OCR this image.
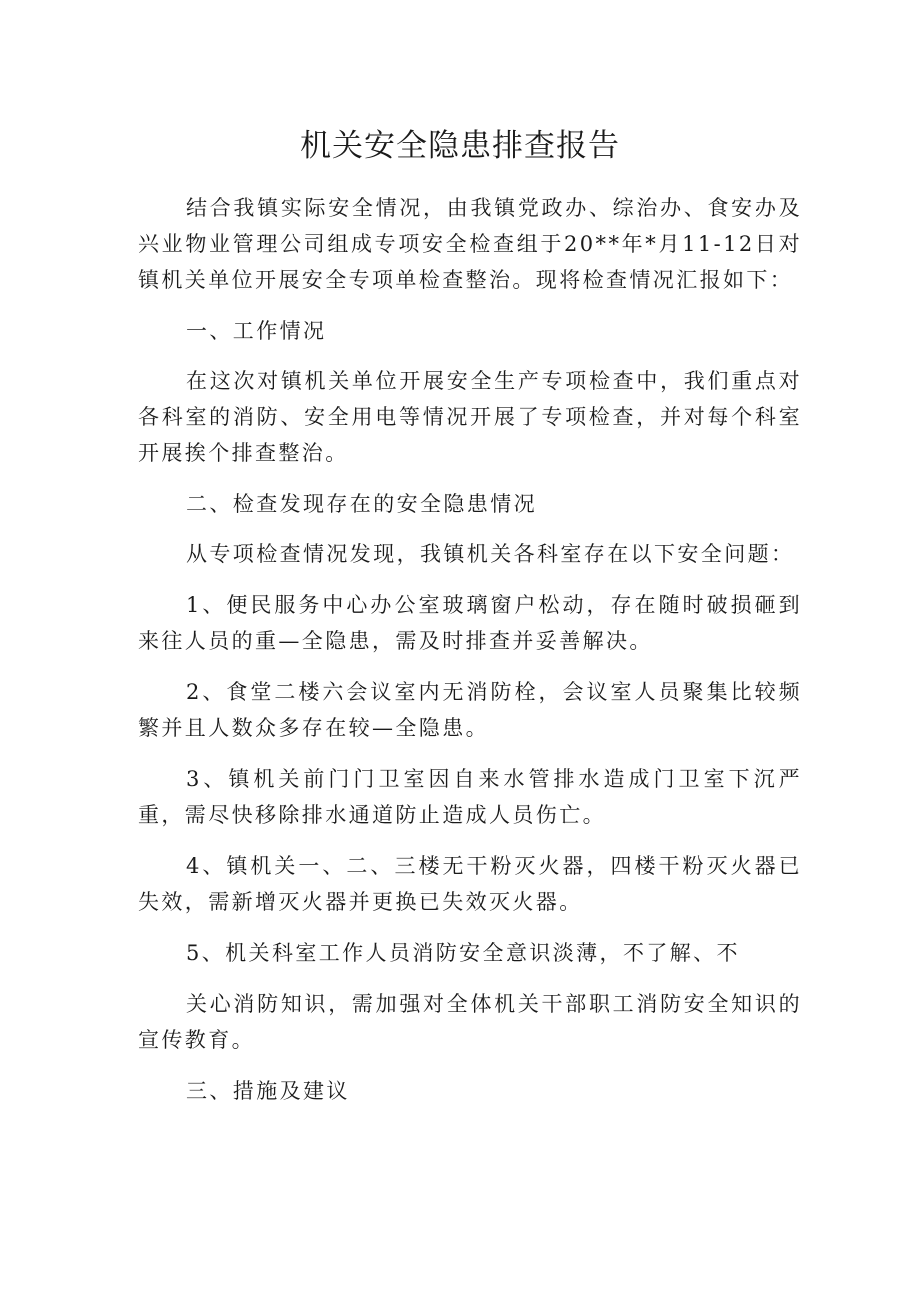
机关安全隐患排查报告

结合我镇实际安全情况，由我镇党政办、综治办、食安办及兴业物业管理公司组成专项安全检查组于20**年*月11-12日对镇机关单位开展安全专项单检查整治。现将检查情况汇报如下：

一、工作情况

在这次对镇机关单位开展安全生产专项检查中，我们重点对各科室的消防、安全用电等情况开展了专项检查，并对每个科室开展挨个排查整治。

二、检查发现存在的安全隐患情况

从专项检查情况发现，我镇机关各科室存在以下安全问题：

1、便民服务中心办公室玻璃窗户松动，存在随时破损砸到来往人员的重—全隐患，需及时排查并妥善解决。

2、食堂二楼六会议室内无消防栓，会议室人员聚集比较频繁并且人数众多存在较—全隐患。

3、镇机关前门门卫室因自来水管排水造成门卫室下沉严重，需尽快移除排水通道防止造成人员伤亡。

4、镇机关一、二、三楼无干粉灭火器，四楼干粉灭火器已失效，需新增灭火器并更换已失效灭火器。

5、机关科室工作人员消防安全意识淡薄，不了解、不

关心消防知识，需加强对全体机关干部职工消防安全知识的宣传教育。

三、措施及建议
